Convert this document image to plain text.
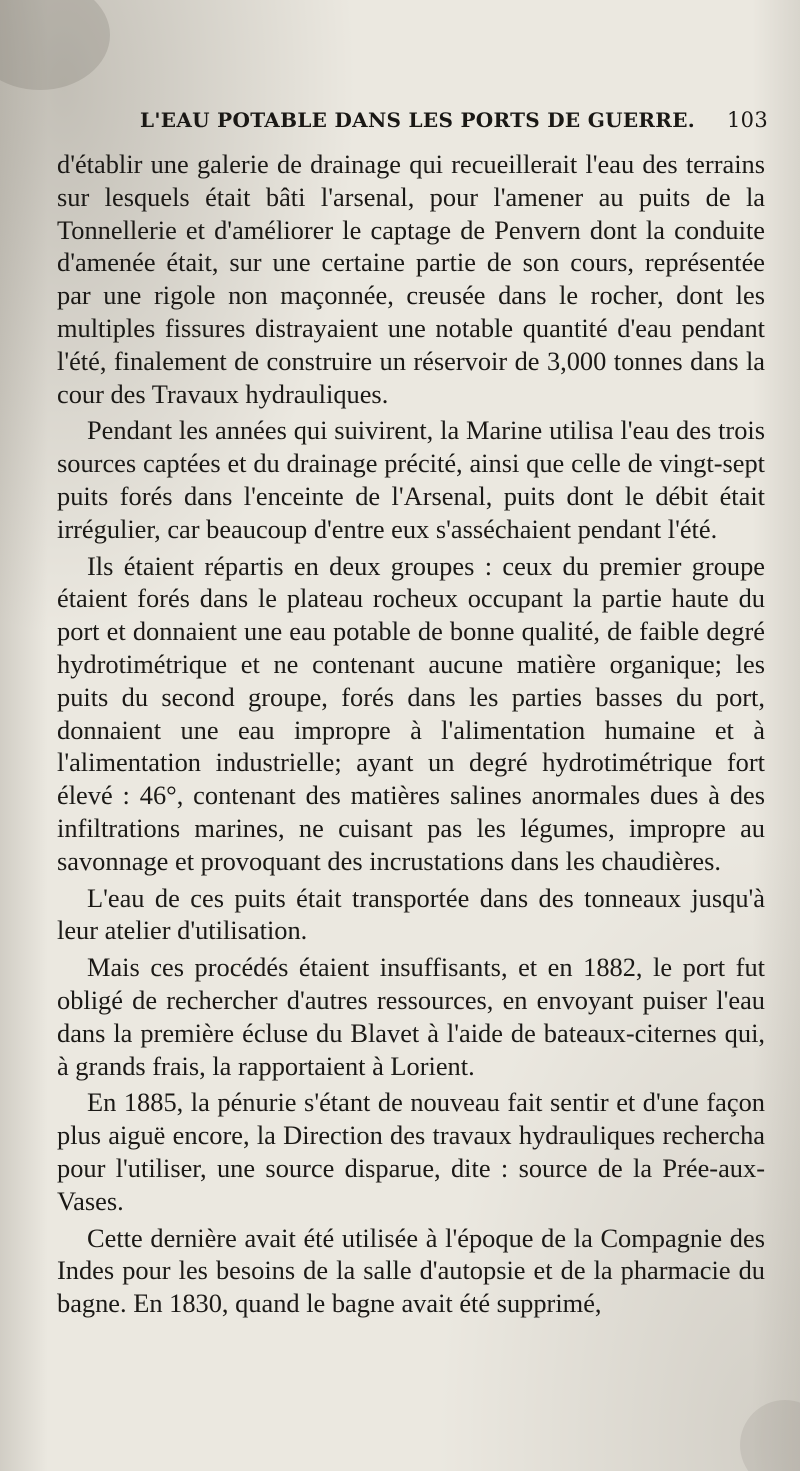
L'EAU POTABLE DANS LES PORTS DE GUERRE. 103

d'établir une galerie de drainage qui recueillerait l'eau des terrains sur lesquels était bâti l'arsenal, pour l'amener au puits de la Tonnellerie et d'améliorer le captage de Penvern dont la conduite d'amenée était, sur une certaine partie de son cours, représentée par une rigole non maçonnée, creusée dans le rocher, dont les multiples fissures distrayaient une notable quantité d'eau pendant l'été, finalement de construire un réservoir de 3,000 tonnes dans la cour des Travaux hydrauliques.

Pendant les années qui suivirent, la Marine utilisa l'eau des trois sources captées et du drainage précité, ainsi que celle de vingt-sept puits forés dans l'enceinte de l'Arsenal, puits dont le débit était irrégulier, car beaucoup d'entre eux s'asséchaient pendant l'été.

Ils étaient répartis en deux groupes : ceux du premier groupe étaient forés dans le plateau rocheux occupant la partie haute du port et donnaient une eau potable de bonne qualité, de faible degré hydrotimétrique et ne contenant aucune matière organique; les puits du second groupe, forés dans les parties basses du port, donnaient une eau impropre à l'alimentation humaine et à l'alimentation industrielle; ayant un degré hydrotimétrique fort élevé : 46°, contenant des matières salines anormales dues à des infiltrations marines, ne cuisant pas les légumes, impropre au savonnage et provoquant des incrustations dans les chaudières.

L'eau de ces puits était transportée dans des tonneaux jusqu'à leur atelier d'utilisation.

Mais ces procédés étaient insuffisants, et en 1882, le port fut obligé de rechercher d'autres ressources, en envoyant puiser l'eau dans la première écluse du Blavet à l'aide de bateaux-citernes qui, à grands frais, la rapportaient à Lorient.

En 1885, la pénurie s'étant de nouveau fait sentir et d'une façon plus aiguë encore, la Direction des travaux hydrauliques rechercha pour l'utiliser, une source disparue, dite : source de la Prée-aux-Vases.

Cette dernière avait été utilisée à l'époque de la Compagnie des Indes pour les besoins de la salle d'autopsie et de la pharmacie du bagne. En 1830, quand le bagne avait été supprimé,
